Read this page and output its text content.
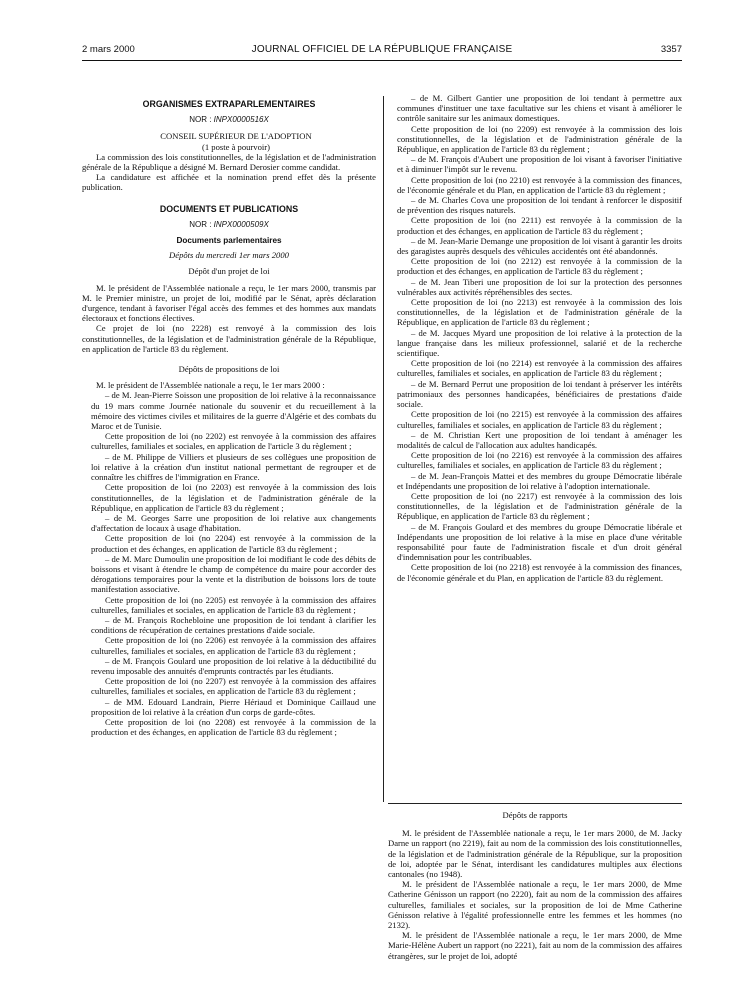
2 mars 2000	JOURNAL OFFICIEL DE LA RÉPUBLIQUE FRANÇAISE	3357
ORGANISMES EXTRAPARLEMENTAIRES
NOR : INPX0000516X

CONSEIL SUPÉRIEUR DE L'ADOPTION

(1 poste à pourvoir)

La commission des lois constitutionnelles, de la législation et de l'administration générale de la République a désigné M. Bernard Derosier comme candidat.

La candidature est affichée et la nomination prend effet dès la présente publication.

DOCUMENTS ET PUBLICATIONS
NOR : INPX0000509X
Documents parlementaires
Dépôts du mercredi 1er mars 2000
Dépôt d'un projet de loi

M. le président de l'Assemblée nationale a reçu, le 1er mars 2000, transmis par M. le Premier ministre, un projet de loi, modifié par le Sénat, après déclaration d'urgence, tendant à favoriser l'égal accès des femmes et des hommes aux mandats électoraux et fonctions électives.

Ce projet de loi (no 2228) est renvoyé à la commission des lois constitutionnelles, de la législation et de l'administration générale de la République, en application de l'article 83 du règlement.

Dépôts de propositions de loi

M. le président de l'Assemblée nationale a reçu, le 1er mars 2000 :

– de M. Jean-Pierre Soisson une proposition de loi relative à la reconnaissance du 19 mars comme Journée nationale du souvenir et du recueillement à la mémoire des victimes civiles et militaires de la guerre d'Algérie et des combats du Maroc et de Tunisie.

Cette proposition de loi (no 2202) est renvoyée à la commission des affaires culturelles, familiales et sociales, en application de l'article 3 du règlement ;

– de M. Philippe de Villiers et plusieurs de ses collègues une proposition de loi relative à la création d'un institut national permettant de regrouper et de connaître les chiffres de l'immigration en France.

Cette proposition de loi (no 2203) est renvoyée à la commission des lois constitutionnelles, de la législation et de l'administration générale de la République, en application de l'article 83 du règlement ;

– de M. Georges Sarre une proposition de loi relative aux changements d'affectation de locaux à usage d'habitation.

Cette proposition de loi (no 2204) est renvoyée à la commission de la production et des échanges, en application de l'article 83 du règlement ;

– de M. Marc Dumoulin une proposition de loi modifiant le code des débits de boissons et visant à étendre le champ de compétence du maire pour accorder des dérogations temporaires pour la vente et la distribution de boissons lors de toute manifestation associative.

Cette proposition de loi (no 2205) est renvoyée à la commission des affaires culturelles, familiales et sociales, en application de l'article 83 du règlement ;

– de M. François Rochebloine une proposition de loi tendant à clarifier les conditions de récupération de certaines prestations d'aide sociale.

Cette proposition de loi (no 2206) est renvoyée à la commission des affaires culturelles, familiales et sociales, en application de l'article 83 du règlement ;

– de M. François Goulard une proposition de loi relative à la déductibilité du revenu imposable des annuités d'emprunts contractés par les étudiants.

Cette proposition de loi (no 2207) est renvoyée à la commission des affaires culturelles, familiales et sociales, en application de l'article 83 du règlement ;

– de MM. Edouard Landrain, Pierre Hériaud et Dominique Caillaud une proposition de loi relative à la création d'un corps de garde-côtes.

Cette proposition de loi (no 2208) est renvoyée à la commission de la production et des échanges, en application de l'article 83 du règlement ;

– de M. Gilbert Gantier une proposition de loi tendant à permettre aux communes d'instituer une taxe facultative sur les chiens et visant à améliorer le contrôle sanitaire sur les animaux domestiques.

Cette proposition de loi (no 2209) est renvoyée à la commission des lois constitutionnelles, de la législation et de l'administration générale de la République, en application de l'article 83 du règlement ;

– de M. François d'Aubert une proposition de loi visant à favoriser l'initiative et à diminuer l'impôt sur le revenu.

Cette proposition de loi (no 2210) est renvoyée à la commission des finances, de l'économie générale et du Plan, en application de l'article 83 du règlement ;

– de M. Charles Cova une proposition de loi tendant à renforcer le dispositif de prévention des risques naturels.

Cette proposition de loi (no 2211) est renvoyée à la commission de la production et des échanges, en application de l'article 83 du règlement ;

– de M. Jean-Marie Demange une proposition de loi visant à garantir les droits des garagistes auprès desquels des véhicules accidentés ont été abandonnés.

Cette proposition de loi (no 2212) est renvoyée à la commission de la production et des échanges, en application de l'article 83 du règlement ;

– de M. Jean Tiberi une proposition de loi sur la protection des personnes vulnérables aux activités répréhensibles des sectes.

Cette proposition de loi (no 2213) est renvoyée à la commission des lois constitutionnelles, de la législation et de l'administration générale de la République, en application de l'article 83 du règlement ;

– de M. Jacques Myard une proposition de loi relative à la protection de la langue française dans les milieux professionnel, salarié et de la recherche scientifique.

Cette proposition de loi (no 2214) est renvoyée à la commission des affaires culturelles, familiales et sociales, en application de l'article 83 du règlement ;

– de M. Bernard Perrut une proposition de loi tendant à préserver les intérêts patrimoniaux des personnes handicapées, bénéficiaires de prestations d'aide sociale.

Cette proposition de loi (no 2215) est renvoyée à la commission des affaires culturelles, familiales et sociales, en application de l'article 83 du règlement ;

– de M. Christian Kert une proposition de loi tendant à aménager les modalités de calcul de l'allocation aux adultes handicapés.

Cette proposition de loi (no 2216) est renvoyée à la commission des affaires culturelles, familiales et sociales, en application de l'article 83 du règlement ;

– de M. Jean-François Mattei et des membres du groupe Démocratie libérale et Indépendants une proposition de loi relative à l'adoption internationale.

Cette proposition de loi (no 2217) est renvoyée à la commission des lois constitutionnelles, de la législation et de l'administration générale de la République, en application de l'article 83 du règlement ;

– de M. François Goulard et des membres du groupe Démocratie libérale et Indépendants une proposition de loi relative à la mise en place d'une véritable responsabilité pour faute de l'administration fiscale et d'un droit général d'indemnisation pour les contribuables.

Cette proposition de loi (no 2218) est renvoyée à la commission des finances, de l'économie générale et du Plan, en application de l'article 83 du règlement.

Dépôts de rapports

M. le président de l'Assemblée nationale a reçu, le 1er mars 2000, de M. Jacky Darne un rapport (no 2219), fait au nom de la commission des lois constitutionnelles, de la législation et de l'administration générale de la République, sur la proposition de loi, adoptée par le Sénat, interdisant les candidatures multiples aux élections cantonales (no 1948).

M. le président de l'Assemblée nationale a reçu, le 1er mars 2000, de Mme Catherine Génisson un rapport (no 2220), fait au nom de la commission des affaires culturelles, familiales et sociales, sur la proposition de loi de Mme Catherine Génisson relative à l'égalité professionnelle entre les femmes et les hommes (no 2132).

M. le président de l'Assemblée nationale a reçu, le 1er mars 2000, de Mme Marie-Hélène Aubert un rapport (no 2221), fait au nom de la commission des affaires étrangères, sur le projet de loi, adopté
